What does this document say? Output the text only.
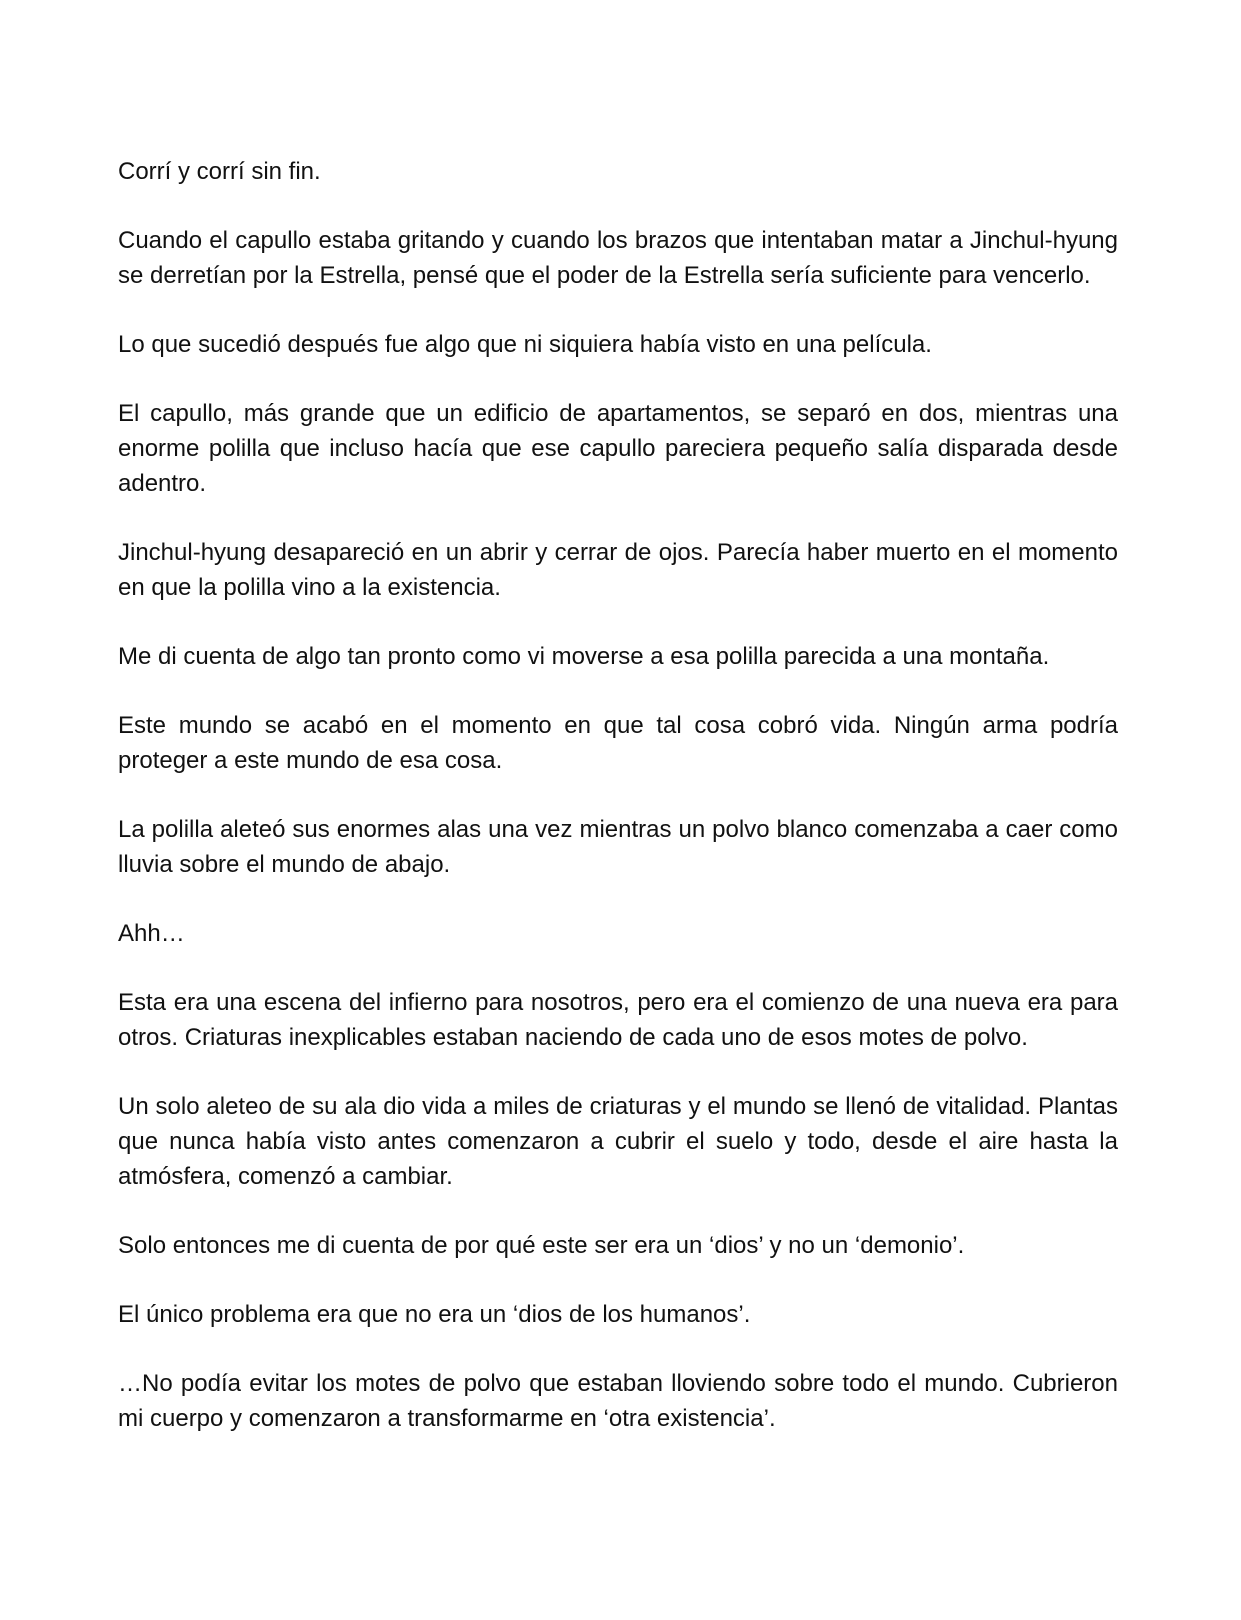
Corrí y corrí sin fin.

Cuando el capullo estaba gritando y cuando los brazos que intentaban matar a Jinchul-hyung se derretían por la Estrella, pensé que el poder de la Estrella sería suficiente para vencerlo.

Lo que sucedió después fue algo que ni siquiera había visto en una película.

El capullo, más grande que un edificio de apartamentos, se separó en dos, mientras una enorme polilla que incluso hacía que ese capullo pareciera pequeño salía disparada desde adentro.

Jinchul-hyung desapareció en un abrir y cerrar de ojos. Parecía haber muerto en el momento en que la polilla vino a la existencia.

Me di cuenta de algo tan pronto como vi moverse a esa polilla parecida a una montaña.

Este mundo se acabó en el momento en que tal cosa cobró vida. Ningún arma podría proteger a este mundo de esa cosa.

La polilla aleteó sus enormes alas una vez mientras un polvo blanco comenzaba a caer como lluvia sobre el mundo de abajo.

Ahh…

Esta era una escena del infierno para nosotros, pero era el comienzo de una nueva era para otros. Criaturas inexplicables estaban naciendo de cada uno de esos motes de polvo.

Un solo aleteo de su ala dio vida a miles de criaturas y el mundo se llenó de vitalidad. Plantas que nunca había visto antes comenzaron a cubrir el suelo y todo, desde el aire hasta la atmósfera, comenzó a cambiar.

Solo entonces me di cuenta de por qué este ser era un ‘dios’ y no un ‘demonio’.

El único problema era que no era un ‘dios de los humanos’.

…No podía evitar los motes de polvo que estaban lloviendo sobre todo el mundo. Cubrieron mi cuerpo y comenzaron a transformarme en ‘otra existencia’.
